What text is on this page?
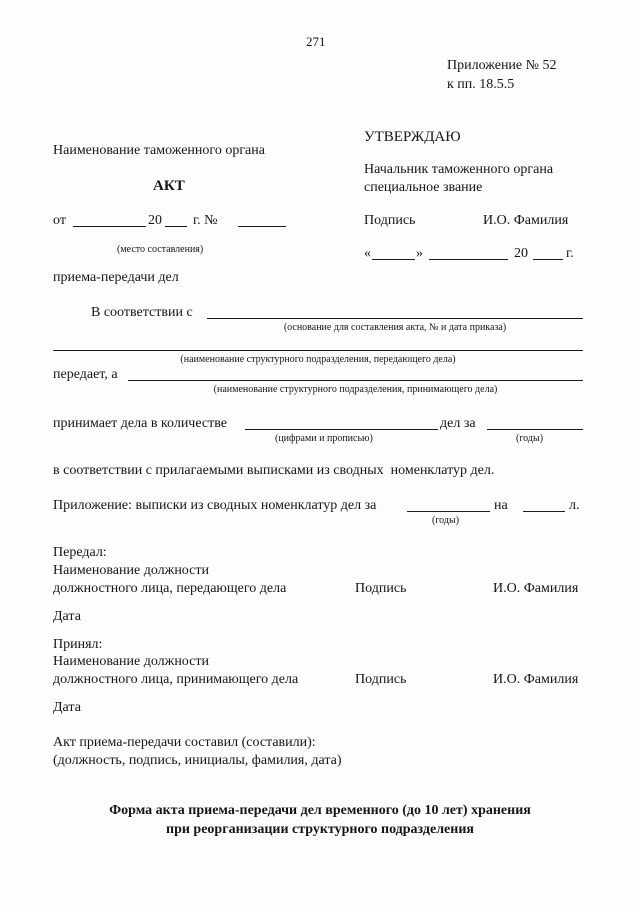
271
Приложение № 52
к пп. 18.5.5
УТВЕРЖДАЮ
Начальник таможенного органа
специальное звание
Подпись	И.О. Фамилия
«	»	20	г.
Наименование таможенного органа
АКТ
от	20 г. №
(место составления)
приема-передачи дел
В соответствии с
(основание для составления акта, № и дата приказа)
(наименование структурного подразделения, передающего дела)
передает, а
(наименование структурного подразделения, принимающего дела)
принимает дела в количестве	дел за
(цифрами и прописью)	(годы)
в соответствии с прилагаемыми выписками из сводных  номенклатур дел.
Приложение: выписки из сводных номенклатур дел за	на	л.
(годы)
Передал:
Наименование должности
должностного лица, передающего дела	Подпись	И.О. Фамилия
Дата
Принял:
Наименование должности
должностного лица, принимающего дела	Подпись	И.О. Фамилия
Дата
Акт приема-передачи составил (составили):
(должность, подпись, инициалы, фамилия, дата)
Форма акта приема-передачи дел временного (до 10 лет) хранения
при реорганизации структурного подразделения
